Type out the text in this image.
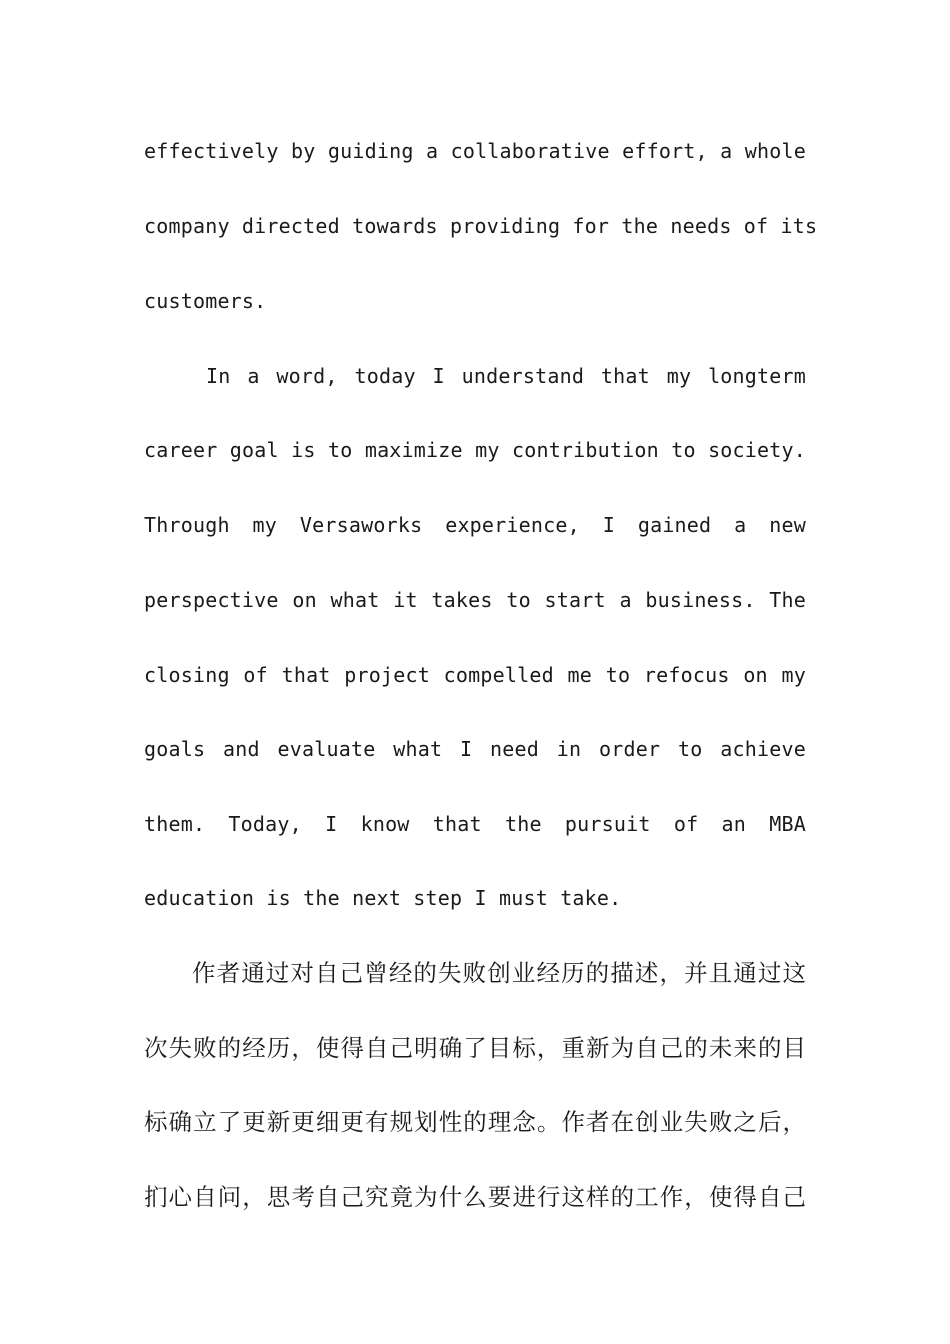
effectively by guiding a collaborative effort, a whole
company directed towards providing for the needs of its
customers.
In a word, today I understand that my longterm
career goal is to maximize my contribution to society.
Through my Versaworks experience, I gained a new
perspective on what it takes to start a business. The
closing of that project compelled me to refocus on my
goals and evaluate what I need in order to achieve
them. Today, I know that the pursuit of an MBA
education is the next step I must take.
作者通过对自己曾经的失败创业经历的描述，并且通过这
次失败的经历，使得自己明确了目标，重新为自己的未来的目
标确立了更新更细更有规划性的理念。作者在创业失败之后，
扪心自问，思考自己究竟为什么要进行这样的工作，使得自己
